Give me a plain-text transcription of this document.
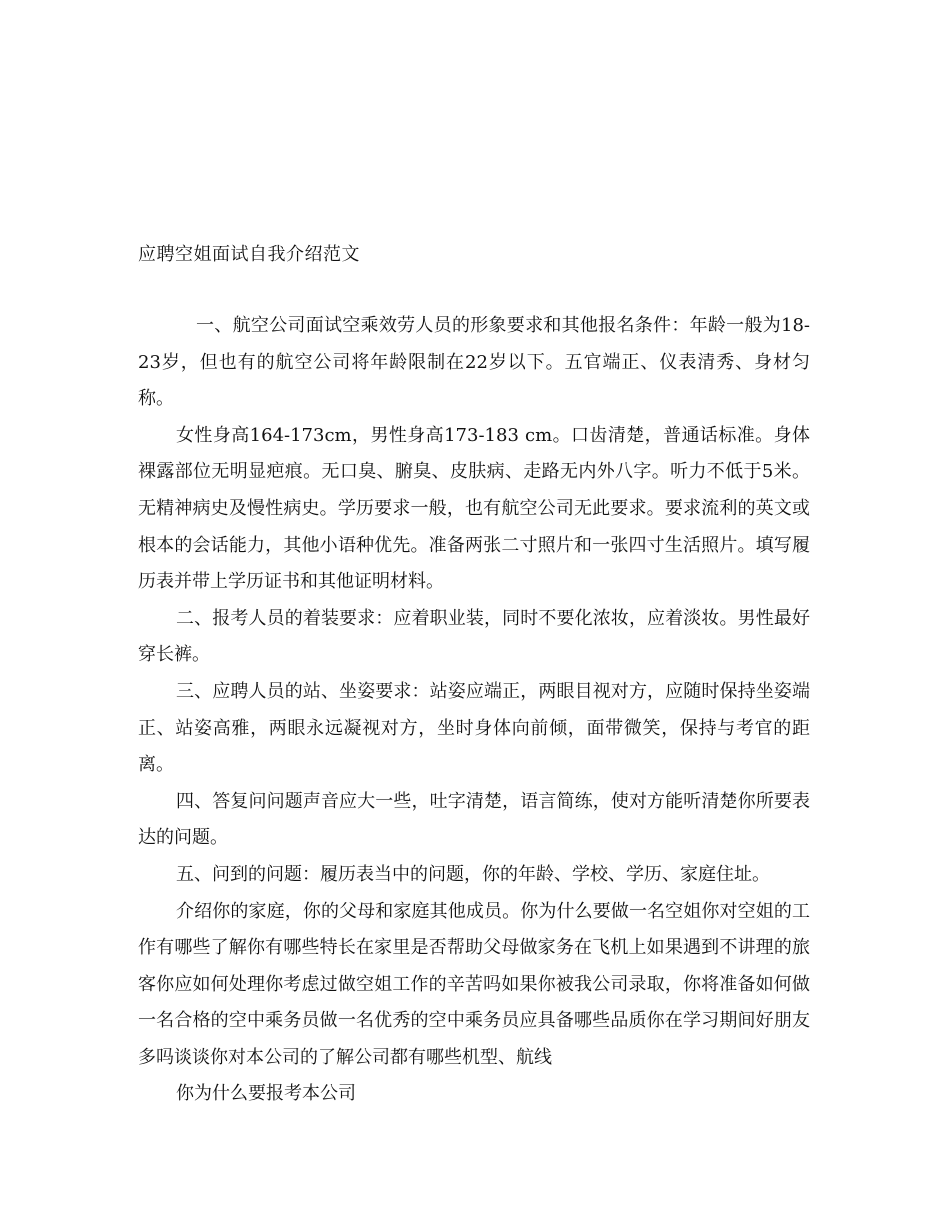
应聘空姐面试自我介绍范文

一、航空公司面试空乘效劳人员的形象要求和其他报名条件：年龄一般为18-23岁，但也有的航空公司将年龄限制在22岁以下。五官端正、仪表清秀、身材匀称。

女性身高164-173cm，男性身高173-183 cm。口齿清楚，普通话标准。身体裸露部位无明显疤痕。无口臭、腑臭、皮肤病、走路无内外八字。听力不低于5米。无精神病史及慢性病史。学历要求一般，也有航空公司无此要求。要求流利的英文或根本的会话能力，其他小语种优先。准备两张二寸照片和一张四寸生活照片。填写履历表并带上学历证书和其他证明材料。

二、报考人员的着装要求：应着职业装，同时不要化浓妆，应着淡妆。男性最好穿长裤。

三、应聘人员的站、坐姿要求：站姿应端正，两眼目视对方，应随时保持坐姿端正、站姿高雅，两眼永远凝视对方，坐时身体向前倾，面带微笑，保持与考官的距离。

四、答复问问题声音应大一些，吐字清楚，语言简练，使对方能听清楚你所要表达的问题。

五、问到的问题：履历表当中的问题，你的年龄、学校、学历、家庭住址。

介绍你的家庭，你的父母和家庭其他成员。你为什么要做一名空姐你对空姐的工作有哪些了解你有哪些特长在家里是否帮助父母做家务在飞机上如果遇到不讲理的旅客你应如何处理你考虑过做空姐工作的辛苦吗如果你被我公司录取，你将准备如何做一名合格的空中乘务员做一名优秀的空中乘务员应具备哪些品质你在学习期间好朋友多吗谈谈你对本公司的了解公司都有哪些机型、航线

你为什么要报考本公司
